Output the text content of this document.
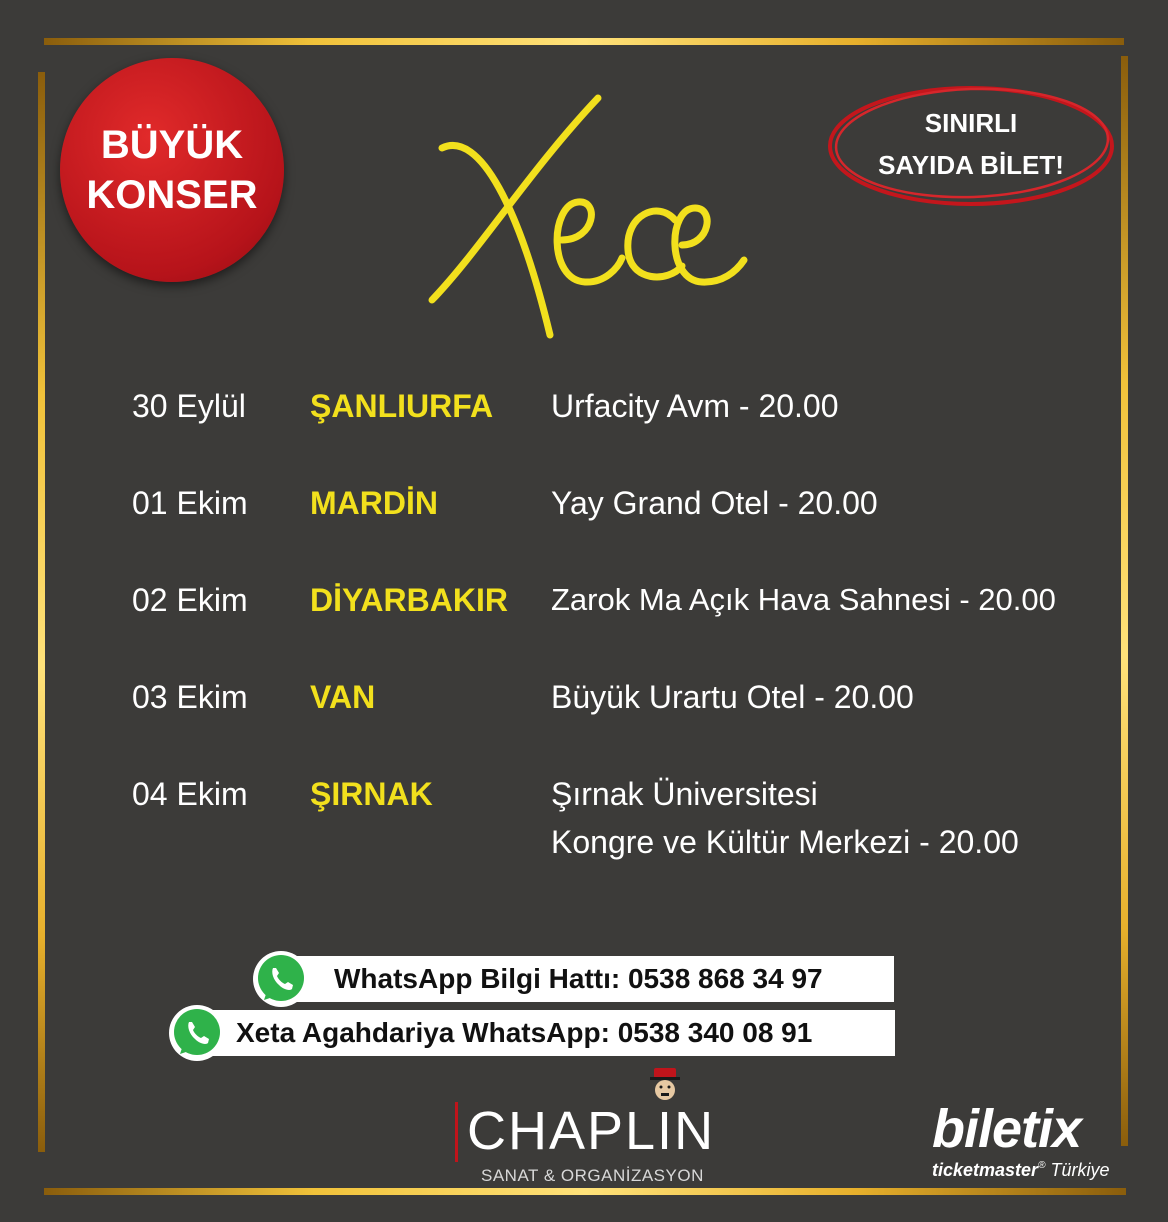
BÜYÜK
KONSER
SINIRLI
SAYIDA BİLET!
30 Eylül ŞANLIURFA Urfacity Avm - 20.00
01 Ekim MARDİN	Yay Grand Otel - 20.00
02 Ekim DİYARBAKIR Zarok Ma Açık Hava Sahnesi - 20.00
03 Ekim VAN	Büyük Urartu Otel - 20.00
04 Ekim ŞIRNAK	Şırnak Üniversitesi
Kongre ve Kültür Merkezi - 20.00
WhatsApp Bilgi Hattı: 0538 868 34 97
Xeta Agahdariya WhatsApp: 0538 340 08 91
CHAPLIN
SANAT & ORGANİZASYON
biletix
ticketmaster® Türkiye
